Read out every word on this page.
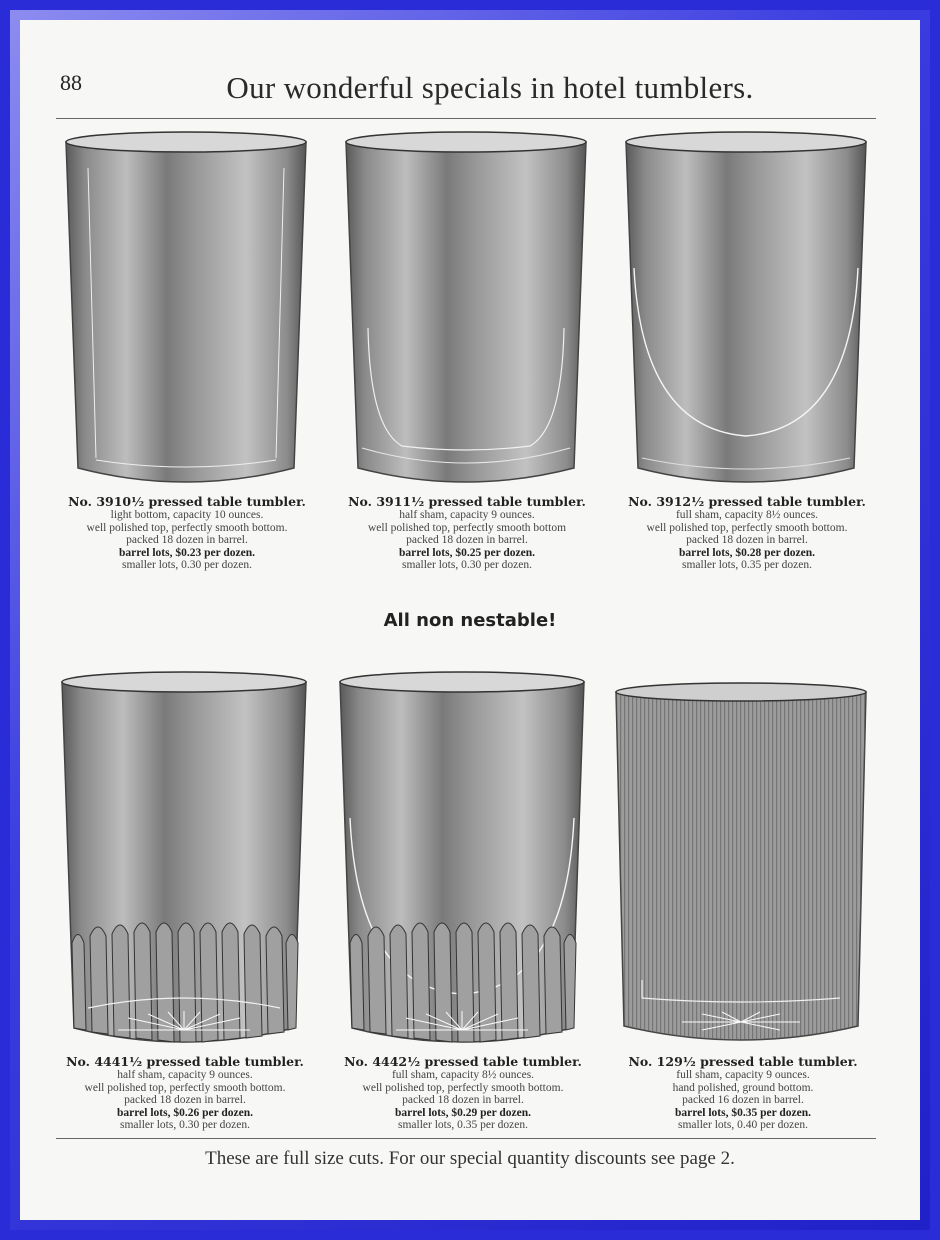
88	Our wonderful specials in hotel tumblers.
No. 3910½ pressed table tumbler.
light bottom, capacity 10 ounces.
well polished top, perfectly smooth bottom.
packed 18 dozen in barrel.
barrel lots, $0.23 per dozen.
smaller lots, 0.30 per dozen.
No. 3911½ pressed table tumbler.
half sham, capacity 9 ounces.
well polished top, perfectly smooth bottom
packed 18 dozen in barrel.
barrel lots, $0.25 per dozen.
smaller lots, 0.30 per dozen.
No. 3912½ pressed table tumbler.
full sham, capacity 8½ ounces.
well polished top, perfectly smooth bottom.
packed 18 dozen in barrel.
barrel lots, $0.28 per dozen.
smaller lots, 0.35 per dozen.
All non nestable!
No. 4441½ pressed table tumbler.
half sham, capacity 9 ounces.
well polished top, perfectly smooth bottom.
packed 18 dozen in barrel.
barrel lots, $0.26 per dozen.
smaller lots, 0.30 per dozen.
No. 4442½ pressed table tumbler.
full sham, capacity 8½ ounces.
well polished top, perfectly smooth bottom.
packed 18 dozen in barrel.
barrel lots, $0.29 per dozen.
smaller lots, 0.35 per dozen.
No. 129½ pressed table tumbler.
full sham, capacity 9 ounces.
hand polished, ground bottom.
packed 16 dozen in barrel.
barrel lots, $0.35 per dozen.
smaller lots, 0.40 per dozen.
These are full size cuts. For our special quantity discounts see page 2.
